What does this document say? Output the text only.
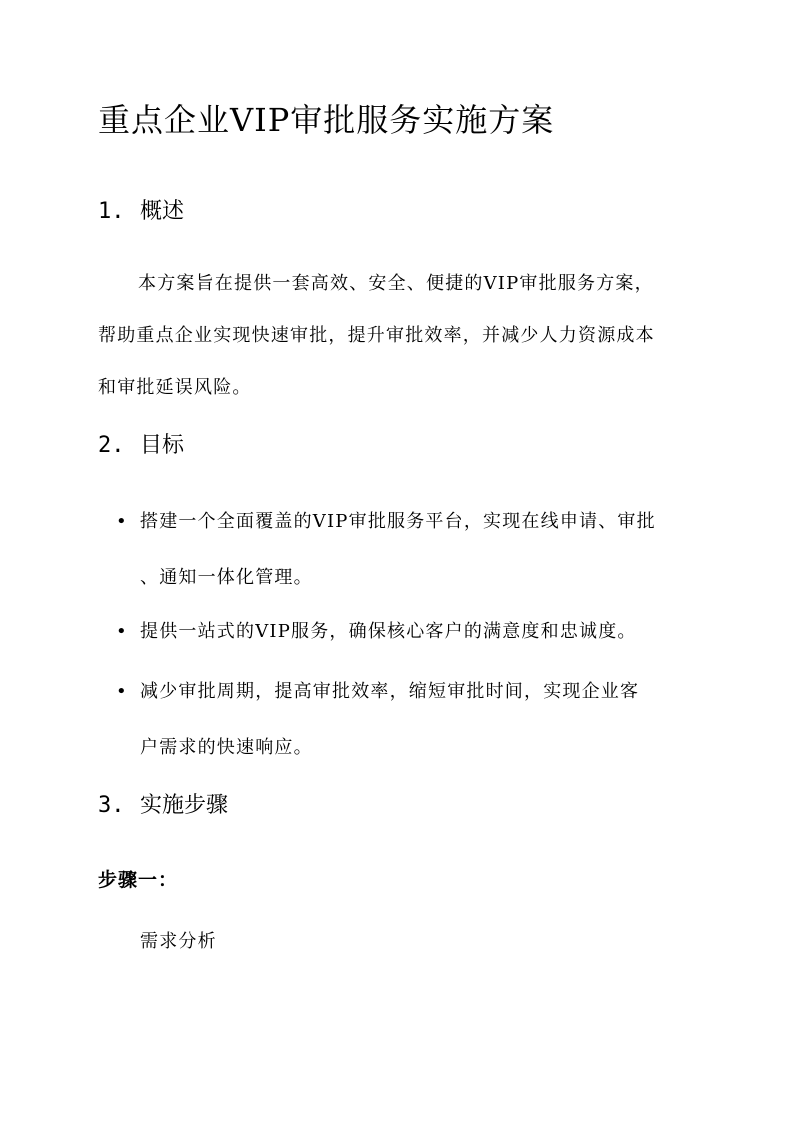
重点企业VIP审批服务实施方案
1. 概述
本方案旨在提供一套高效、安全、便捷的VIP审批服务方案，
帮助重点企业实现快速审批，提升审批效率，并减少人力资源成本
和审批延误风险。
2. 目标
• 搭建一个全面覆盖的VIP审批服务平台，实现在线申请、审批
、通知一体化管理。
• 提供一站式的VIP服务，确保核心客户的满意度和忠诚度。
• 减少审批周期，提高审批效率，缩短审批时间，实现企业客
户需求的快速响应。
3. 实施步骤
步骤一：
需求分析
